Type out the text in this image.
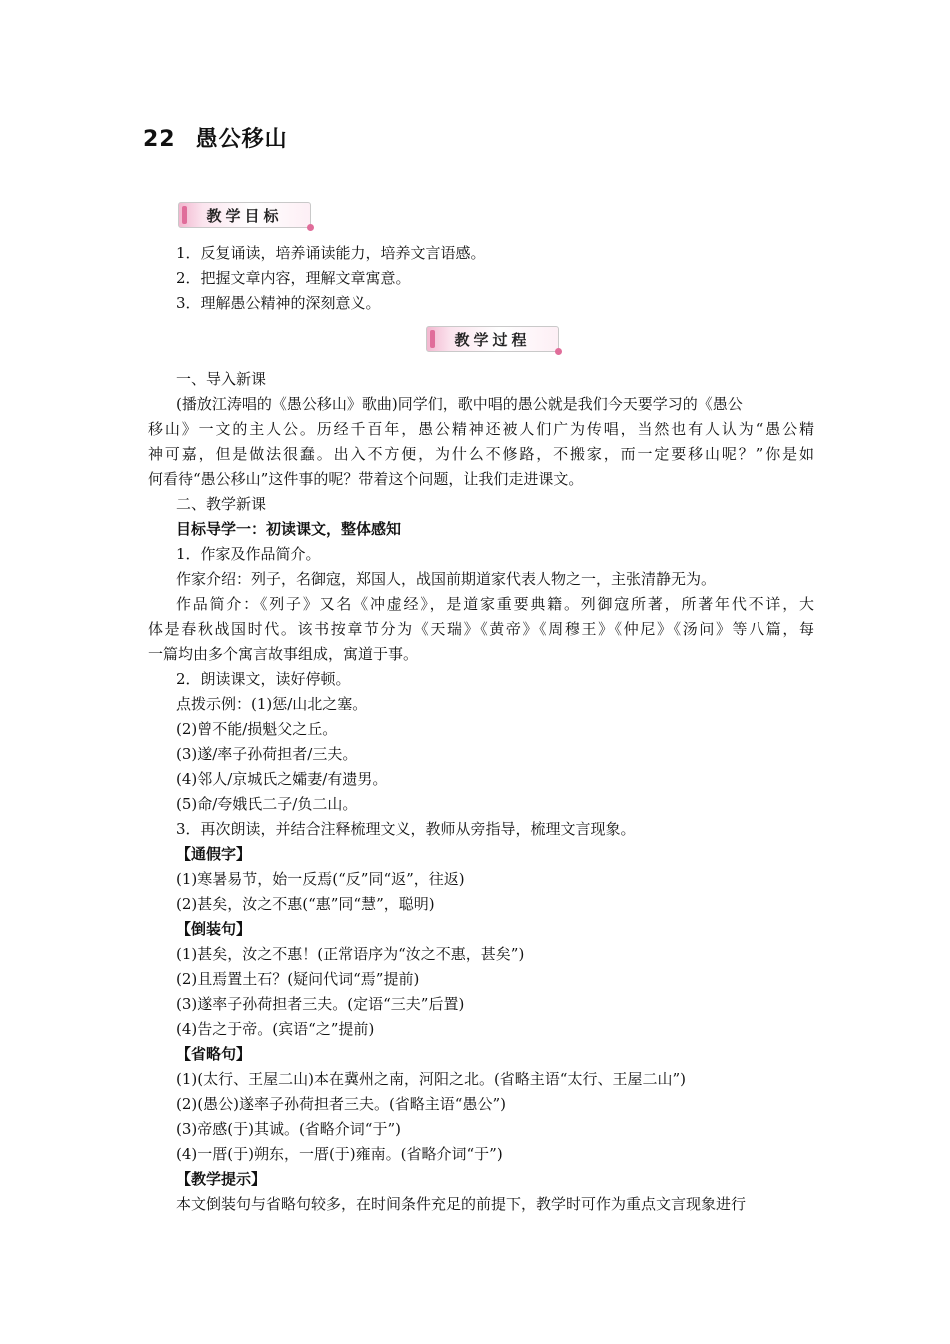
22 愚公移山
教学目标
1．反复诵读，培养诵读能力，培养文言语感。
2．把握文章内容，理解文章寓意。
3．理解愚公精神的深刻意义。
教学过程
一、导入新课
(播放江涛唱的《愚公移山》歌曲)同学们，歌中唱的愚公就是我们今天要学习的《愚公
移山》一文的主人公。历经千百年，愚公精神还被人们广为传唱，当然也有人认为“愚公精
神可嘉，但是做法很蠢。出入不方便，为什么不修路，不搬家，而一定要移山呢？”你是如
何看待“愚公移山”这件事的呢？带着这个问题，让我们走进课文。
二、教学新课
目标导学一：初读课文，整体感知
1．作家及作品简介。
作家介绍：列子，名御寇，郑国人，战国前期道家代表人物之一，主张清静无为。
作品简介：《列子》又名《冲虚经》，是道家重要典籍。列御寇所著，所著年代不详，大
体是春秋战国时代。该书按章节分为《天瑞》《黄帝》《周穆王》《仲尼》《汤问》等八篇，每
一篇均由多个寓言故事组成，寓道于事。
2．朗读课文，读好停顿。
点拨示例：(1)惩/山北之塞。
(2)曾不能/损魁父之丘。
(3)遂/率子孙荷担者/三夫。
(4)邻人/京城氏之孀妻/有遗男。
(5)命/夸娥氏二子/负二山。
3．再次朗读，并结合注释梳理文义，教师从旁指导，梳理文言现象。
【通假字】
(1)寒暑易节，始一反焉(“反”同“返”，往返)
(2)甚矣，汝之不惠(“惠”同“慧”，聪明)
【倒装句】
(1)甚矣，汝之不惠！(正常语序为“汝之不惠，甚矣”)
(2)且焉置土石？(疑问代词“焉”提前)
(3)遂率子孙荷担者三夫。(定语“三夫”后置)
(4)告之于帝。(宾语“之”提前)
【省略句】
(1)(太行、王屋二山)本在冀州之南，河阳之北。(省略主语“太行、王屋二山”)
(2)(愚公)遂率子孙荷担者三夫。(省略主语“愚公”)
(3)帝感(于)其诚。(省略介词“于”)
(4)一厝(于)朔东，一厝(于)雍南。(省略介词“于”)
【教学提示】
本文倒装句与省略句较多，在时间条件充足的前提下，教学时可作为重点文言现象进行
